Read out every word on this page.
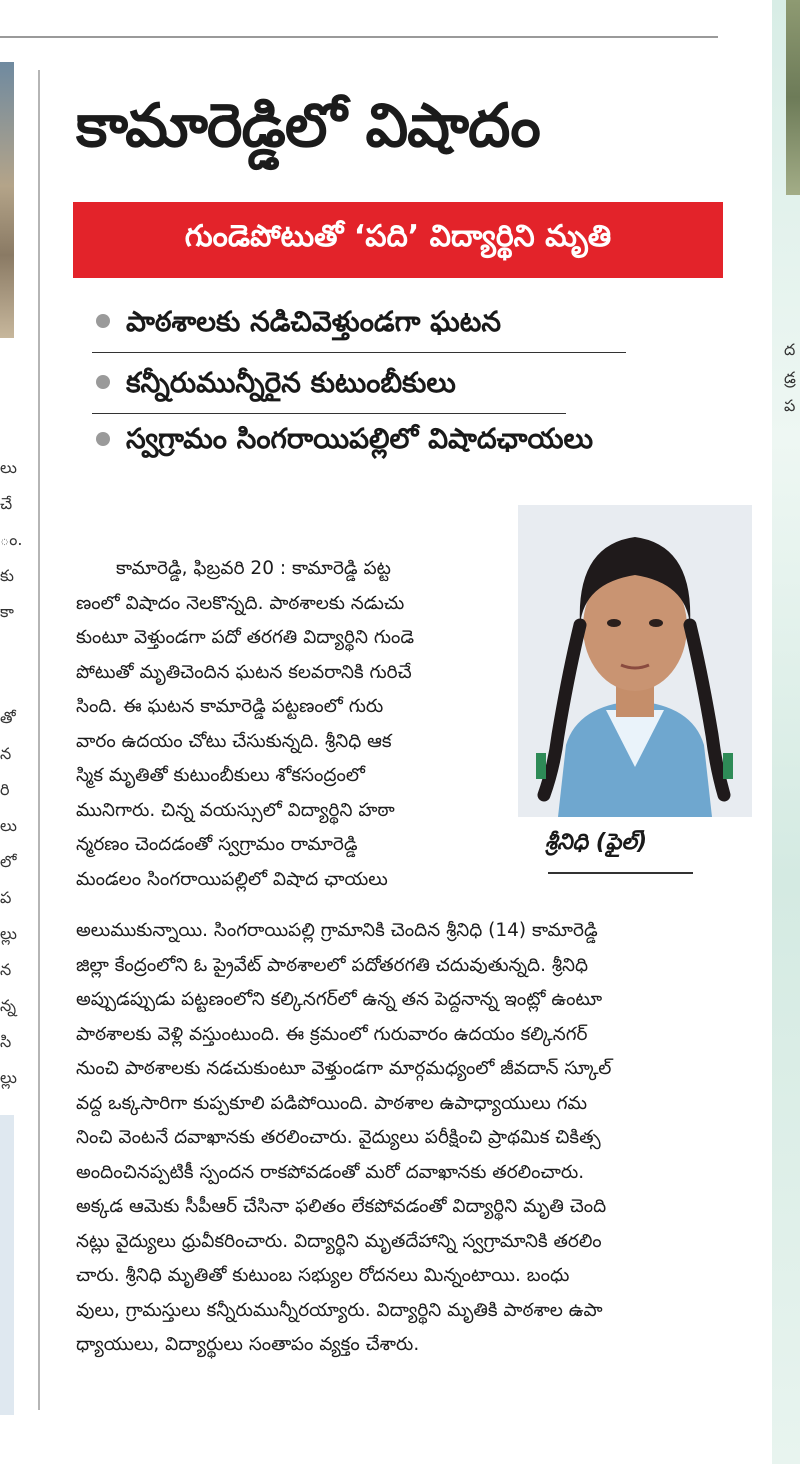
లు
చే
ం.
కు
కా
తో
న
రి
లు
లో
ప
ల్లు
న
న్న
సి
ల్లు
ద
డ్ర
ప
కామారెడ్డిలో విషాదం
గుండెపోటుతో ‘పది’ విద్యార్థిని మృతి
పాఠశాలకు నడిచివెళ్తుండగా ఘటన
కన్నీరుమున్నీరైన కుటుంబీకులు
స్వగ్రామం సింగరాయిపల్లిలో విషాదఛాయలు
శ్రీనిధి (ఫైల్)
కామారెడ్డి, ఫిబ్రవరి 20 : కామారెడ్డి పట్ట
ణంలో విషాదం నెలకొన్నది. పాఠశాలకు నడుచు
కుంటూ వెళ్తుండగా పదో తరగతి విద్యార్థిని గుండె
పోటుతో మృతిచెందిన ఘటన కలవరానికి గురిచే
సింది. ఈ ఘటన కామారెడ్డి పట్టణంలో గురు
వారం ఉదయం చోటు చేసుకున్నది. శ్రీనిధి ఆక
స్మిక మృతితో కుటుంబీకులు శోకసంద్రంలో
మునిగారు. చిన్న వయస్సులో విద్యార్థిని హఠా
న్మరణం చెందడంతో స్వగ్రామం రామారెడ్డి
మండలం సింగరాయిపల్లిలో విషాద ఛాయలు
అలుముకున్నాయి. సింగరాయిపల్లి గ్రామానికి చెందిన శ్రీనిధి (14) కామారెడ్డి
జిల్లా కేంద్రంలోని ఓ ప్రైవేట్ పాఠశాలలో పదోతరగతి చదువుతున్నది. శ్రీనిధి
అప్పుడప్పుడు పట్టణంలోని కల్కినగర్‌లో ఉన్న తన పెద్దనాన్న ఇంట్లో ఉంటూ
పాఠశాలకు వెళ్లి వస్తుంటుంది. ఈ క్రమంలో గురువారం ఉదయం కల్కినగర్
నుంచి పాఠశాలకు నడచుకుంటూ వెళ్తుండగా మార్గమధ్యంలో జీవదాన్ స్కూల్
వద్ద ఒక్కసారిగా కుప్పకూలి పడిపోయింది. పాఠశాల ఉపాధ్యాయులు గమ
నించి వెంటనే దవాఖానకు తరలించారు. వైద్యులు పరీక్షించి ప్రాథమిక చికిత్స
అందించినప్పటికీ స్పందన రాకపోవడంతో మరో దవాఖానకు తరలించారు.
అక్కడ ఆమెకు సీపీఆర్ చేసినా ఫలితం లేకపోవడంతో విద్యార్థిని మృతి చెంది
నట్లు వైద్యులు ధ్రువీకరించారు. విద్యార్థిని మృతదేహాన్ని స్వగ్రామానికి తరలిం
చారు. శ్రీనిధి మృతితో కుటుంబ సభ్యుల రోదనలు మిన్నంటాయి. బంధు
వులు, గ్రామస్తులు కన్నీరుమున్నీరయ్యారు. విద్యార్థిని మృతికి పాఠశాల ఉపా
ధ్యాయులు, విద్యార్థులు సంతాపం వ్యక్తం చేశారు.
